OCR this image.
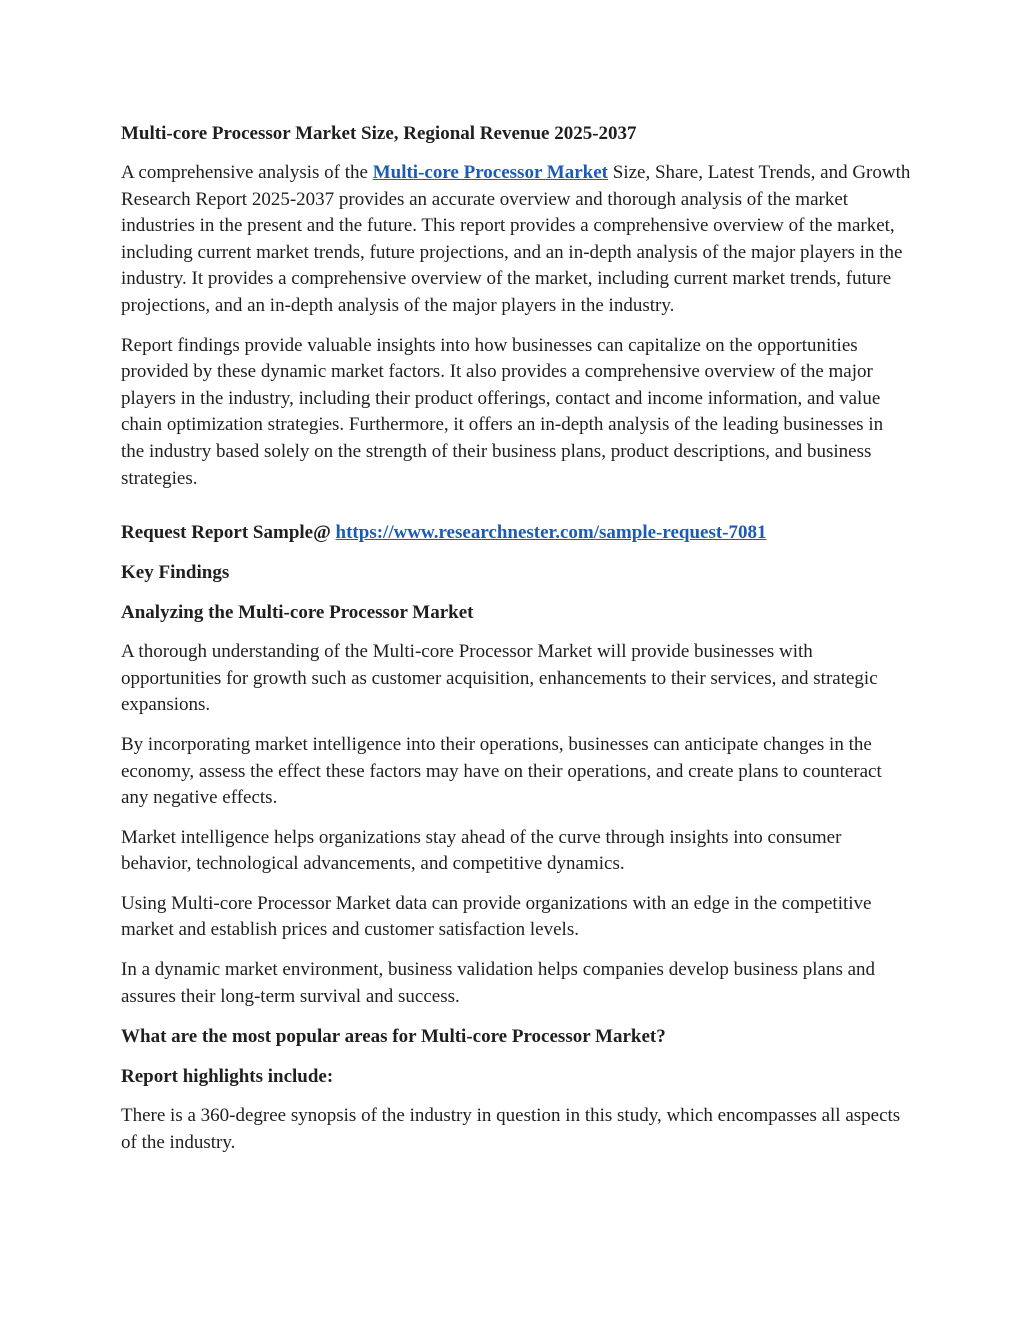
Multi-core Processor Market Size, Regional Revenue 2025-2037

A comprehensive analysis of the Multi-core Processor Market Size, Share, Latest Trends, and Growth Research Report 2025-2037 provides an accurate overview and thorough analysis of the market industries in the present and the future. This report provides a comprehensive overview of the market, including current market trends, future projections, and an in-depth analysis of the major players in the industry. It provides a comprehensive overview of the market, including current market trends, future projections, and an in-depth analysis of the major players in the industry.

Report findings provide valuable insights into how businesses can capitalize on the opportunities provided by these dynamic market factors. It also provides a comprehensive overview of the major players in the industry, including their product offerings, contact and income information, and value chain optimization strategies. Furthermore, it offers an in-depth analysis of the leading businesses in the industry based solely on the strength of their business plans, product descriptions, and business strategies.

Request Report Sample@ https://www.researchnester.com/sample-request-7081

Key Findings

Analyzing the Multi-core Processor Market

A thorough understanding of the Multi-core Processor Market will provide businesses with opportunities for growth such as customer acquisition, enhancements to their services, and strategic expansions.

By incorporating market intelligence into their operations, businesses can anticipate changes in the economy, assess the effect these factors may have on their operations, and create plans to counteract any negative effects.

Market intelligence helps organizations stay ahead of the curve through insights into consumer behavior, technological advancements, and competitive dynamics.

Using Multi-core Processor Market data can provide organizations with an edge in the competitive market and establish prices and customer satisfaction levels.

In a dynamic market environment, business validation helps companies develop business plans and assures their long-term survival and success.

What are the most popular areas for Multi-core Processor Market?

Report highlights include:

There is a 360-degree synopsis of the industry in question in this study, which encompasses all aspects of the industry.
